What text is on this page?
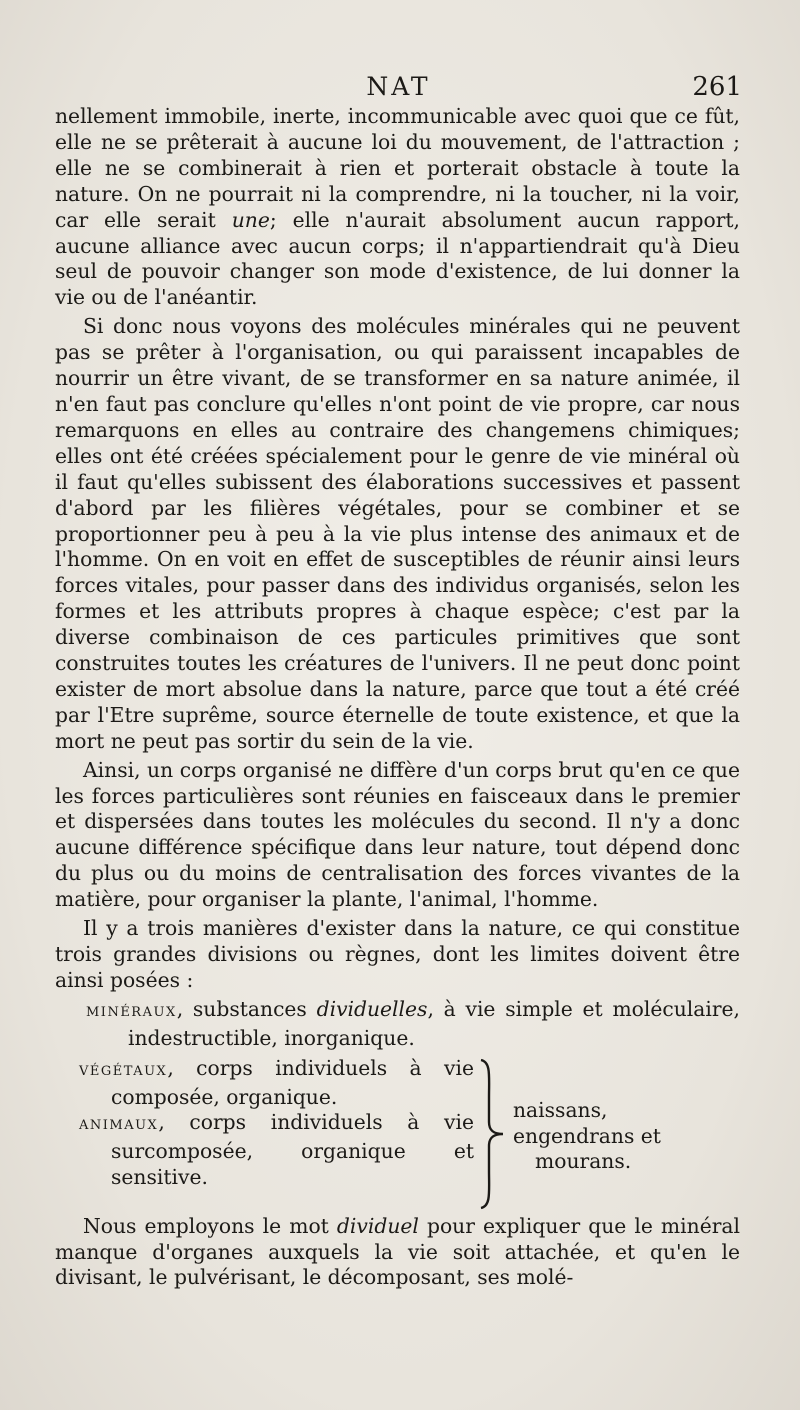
NAT	261

nellement immobile, inerte, incommunicable avec quoi que ce fût, elle ne se prêterait à aucune loi du mouvement, de l'attraction ; elle ne se combinerait à rien et porterait obstacle à toute la nature. On ne pourrait ni la comprendre, ni la toucher, ni la voir, car elle serait une; elle n'aurait absolument aucun rapport, aucune alliance avec aucun corps; il n'appartiendrait qu'à Dieu seul de pouvoir changer son mode d'existence, de lui donner la vie ou de l'anéantir.

Si donc nous voyons des molécules minérales qui ne peuvent pas se prêter à l'organisation, ou qui paraissent incapables de nourrir un être vivant, de se transformer en sa nature animée, il n'en faut pas conclure qu'elles n'ont point de vie propre, car nous remarquons en elles au contraire des changemens chimiques; elles ont été créées spécialement pour le genre de vie minéral où il faut qu'elles subissent des élaborations successives et passent d'abord par les filières végétales, pour se combiner et se proportionner peu à peu à la vie plus intense des animaux et de l'homme. On en voit en effet de susceptibles de réunir ainsi leurs forces vitales, pour passer dans des individus organisés, selon les formes et les attributs propres à chaque espèce; c'est par la diverse combinaison de ces particules primitives que sont construites toutes les créatures de l'univers. Il ne peut donc point exister de mort absolue dans la nature, parce que tout a été créé par l'Etre suprême, source éternelle de toute existence, et que la mort ne peut pas sortir du sein de la vie.

Ainsi, un corps organisé ne diffère d'un corps brut qu'en ce que les forces particulières sont réunies en faisceaux dans le premier et dispersées dans toutes les molécules du second. Il n'y a donc aucune différence spécifique dans leur nature, tout dépend donc du plus ou du moins de centralisation des forces vivantes de la matière, pour organiser la plante, l'animal, l'homme.

Il y a trois manières d'exister dans la nature, ce qui constitue trois grandes divisions ou règnes, dont les limites doivent être ainsi posées :

MINÉRAUX, substances dividuelles, à vie simple et moléculaire, indestructible, inorganique.

VÉGÉTAUX, corps individuels à vie composée, organique.

ANIMAUX, corps individuels à vie surcomposée, organique et sensitive.

naissans, engendrans et
mourans.

Nous employons le mot dividuel pour expliquer que le minéral manque d'organes auxquels la vie soit attachée, et qu'en le divisant, le pulvérisant, le décomposant, ses molé-
